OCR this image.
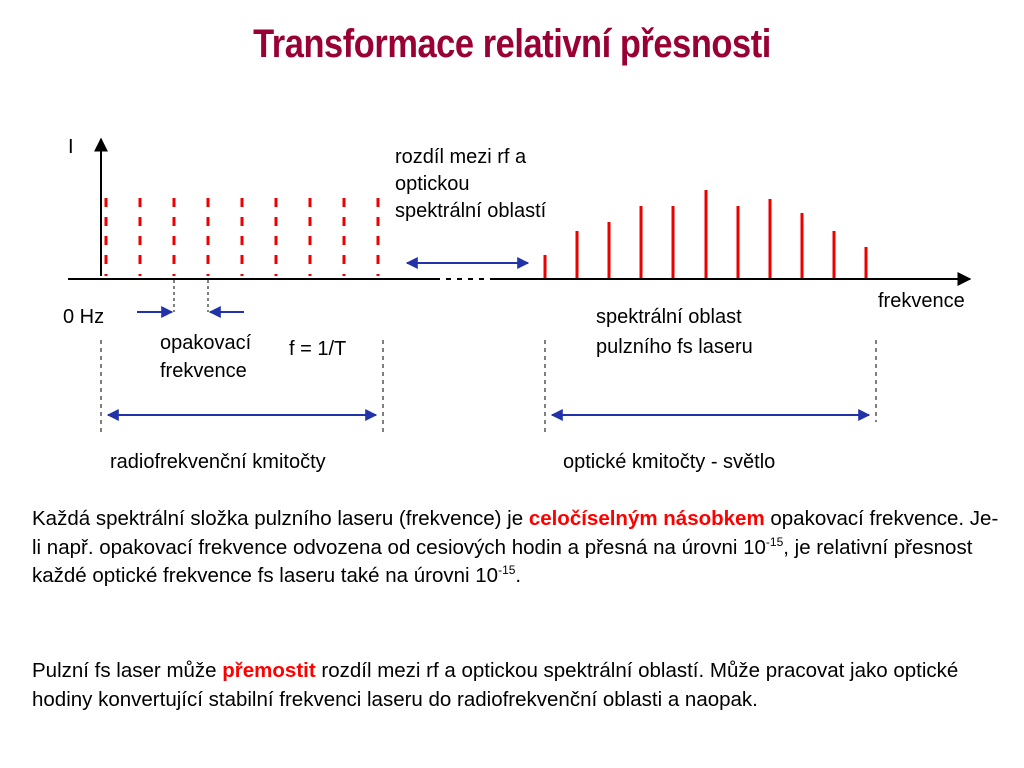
Transformace relativní přesnosti
I	rozdíl mezi rf a
optickou
spektrální oblastí
frekvence
0 Hz
opakovací
frekvence
f = 1/T
spektrální oblast
pulzního fs laseru
radiofrekvenční kmitočty	optické kmitočty - světlo
Každá spektrální složka pulzního laseru (frekvence) je celočíselným násobkem opakovací frekvence. Je-li např. opakovací frekvence odvozena od cesiových hodin a přesná na úrovni $10^{-15}$, je relativní přesnost každé optické frekvence fs laseru také na úrovni $10^{-15}$.
Pulzní fs laser může přemostit rozdíl mezi rf a optickou spektrální oblastí. Může pracovat jako optické hodiny konvertující stabilní frekvenci laseru do radiofrekvenční oblasti a naopak.
